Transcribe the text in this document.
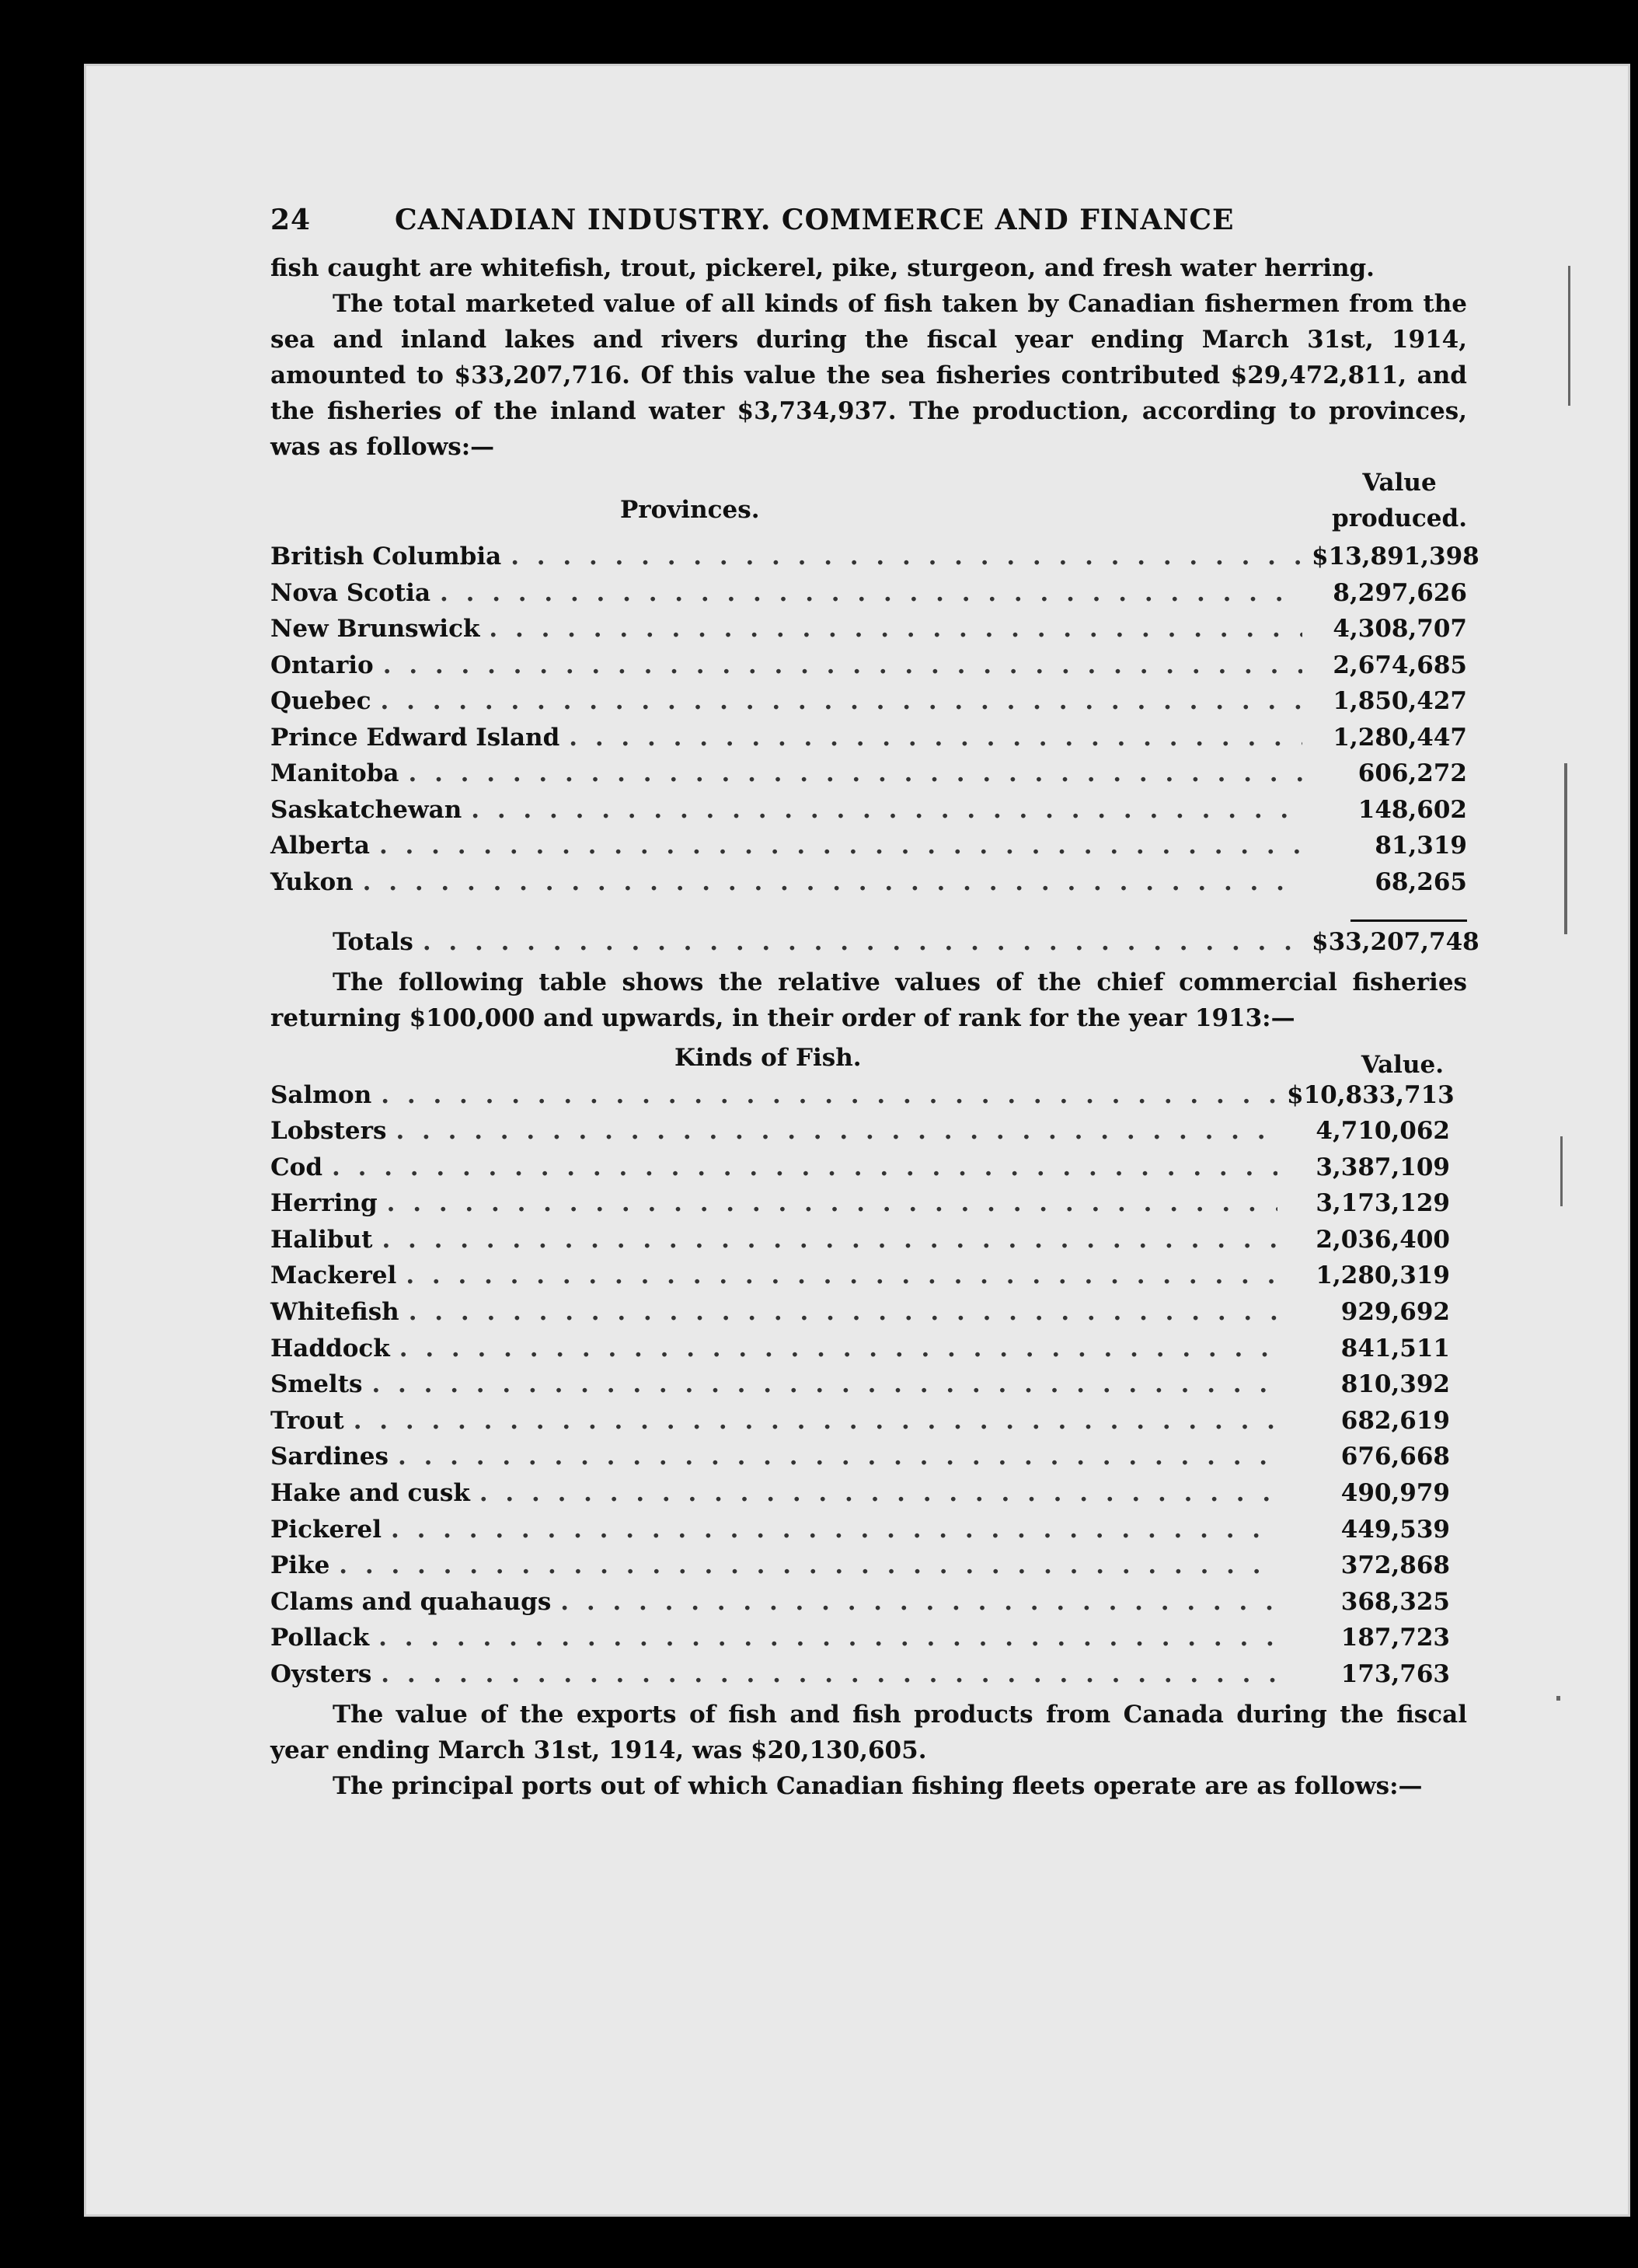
24	CANADIAN INDUSTRY. COMMERCE AND FINANCE

fish caught are whitefish, trout, pickerel, pike, sturgeon, and fresh water herring.

The total marketed value of all kinds of fish taken by Canadian fishermen from the sea and inland lakes and rivers during the fiscal year ending March 31st, 1914, amounted to $33,207,716. Of this value the sea fisheries contributed $29,472,811, and the fisheries of the inland water $3,734,937. The production, according to provinces, was as follows:—

Provinces.
Value
produced.
British Columbia . . .	$13,891,398
Nova Scotia . . .	8,297,626
New Brunswick . . .	4,308,707
Ontario . . .	2,674,685
Quebec . . .	1,850,427
Prince Edward Island . . .	1,280,447
Manitoba . . .	606,272
Saskatchewan . . .	148,602
Alberta . . .	81,319
Yukon . . .	68,265
Totals . . .	$33,207,748

The following table shows the relative values of the chief commercial fisheries returning $100,000 and upwards, in their order of rank for the year 1913:—

Kinds of Fish.	Value.
Salmon . . .	$10,833,713
Lobsters . . .	4,710,062
Cod . . .	3,387,109
Herring . . .	3,173,129
Halibut . . .	2,036,400
Mackerel . . .	1,280,319
Whitefish . . .	929,692
Haddock . . .	841,511
Smelts . . .	810,392
Trout . . .	682,619
Sardines . . .	676,668
Hake and cusk . . .	490,979
Pickerel . . .	449,539
Pike . . .	372,868
Clams and quahaugs . . .	368,325
Pollack . . .	187,723
Oysters . . .	173,763

The value of the exports of fish and fish products from Canada during the fiscal year ending March 31st, 1914, was $20,130,605.

The principal ports out of which Canadian fishing fleets operate are as follows:—
